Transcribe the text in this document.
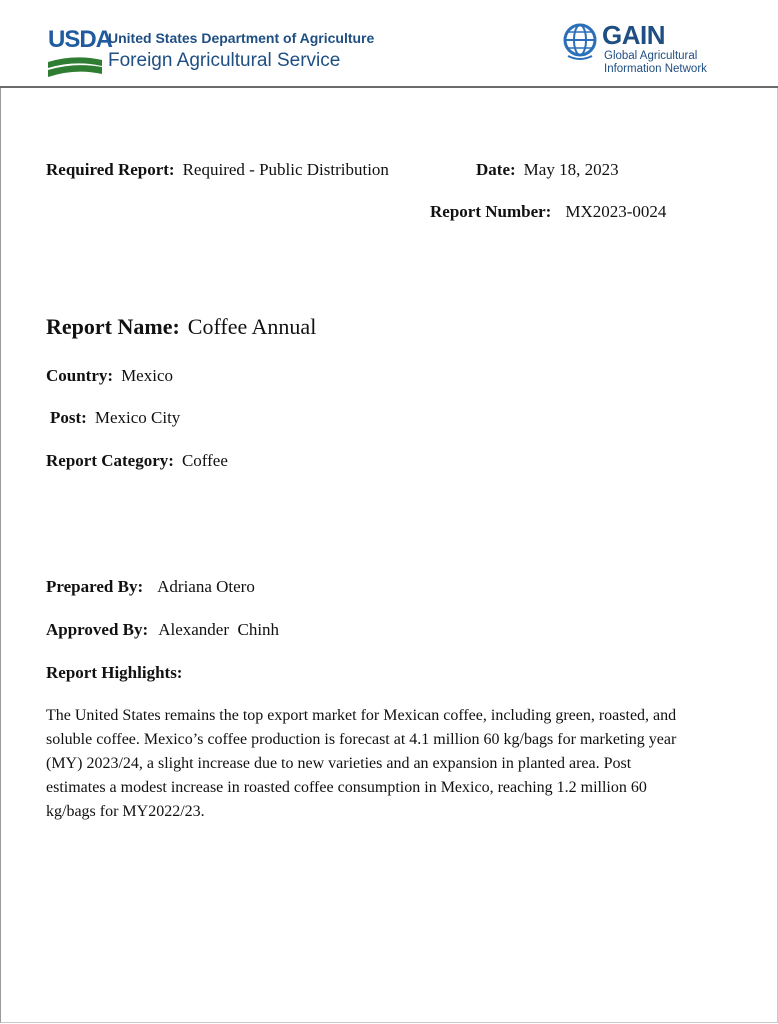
USDA
United States Department of Agriculture
Foreign Agricultural Service
GAIN
Global Agricultural
Information Network
Required Report: Required - Public Distribution	Date: May 18, 2023
Report Number: MX2023-0024
Report Name: Coffee Annual
Country: Mexico
Post: Mexico City
Report Category: Coffee
Prepared By: Adriana Otero
Approved By: Alexander  Chinh
Report Highlights:
The United States remains the top export market for Mexican coffee, including green, roasted, and soluble coffee. Mexico’s coffee production is forecast at 4.1 million 60 kg/bags for marketing year (MY) 2023/24, a slight increase due to new varieties and an expansion in planted area. Post estimates a modest increase in roasted coffee consumption in Mexico, reaching 1.2 million 60 kg/bags for MY2022/23.
